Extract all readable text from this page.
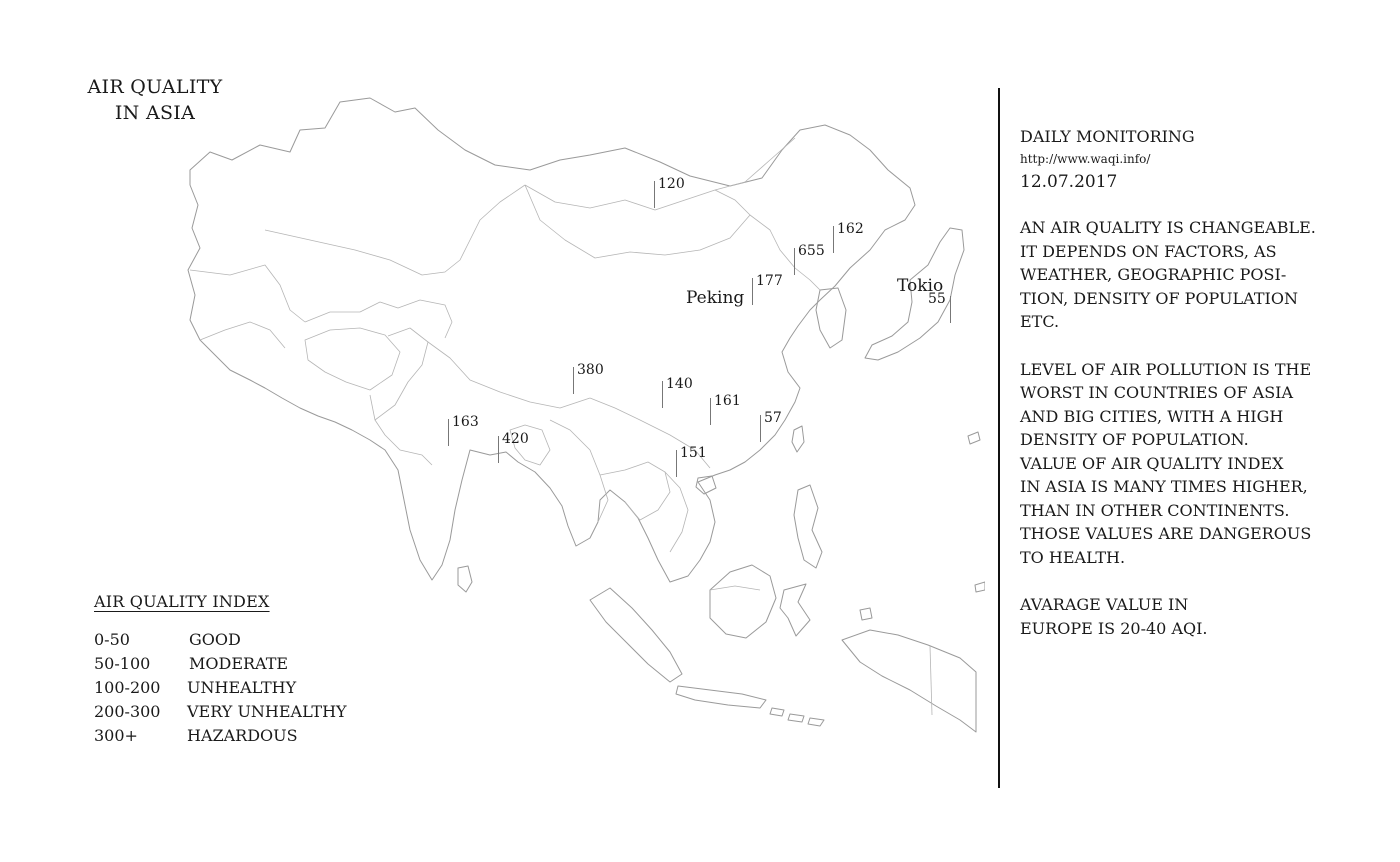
AIR QUALITY
IN ASIA
120
162
655
177
Peking
Tokio
55
380
140
161
57
163
420
151
AIR QUALITY INDEX
0-50	GOOD
50-100 MODERATE
100-200 UNHEALTHY
200-300 VERY UNHEALTHY
300+	HAZARDOUS
DAILY MONITORING
http://www.waqi.info/
12.07.2017

AN AIR QUALITY IS CHANGEABLE.
IT DEPENDS ON FACTORS, AS
WEATHER, GEOGRAPHIC POSI-
TION, DENSITY OF POPULATION
ETC.

LEVEL OF AIR POLLUTION IS THE
WORST IN COUNTRIES OF ASIA
AND BIG CITIES, WITH A HIGH
DENSITY OF POPULATION.
VALUE OF AIR QUALITY INDEX
IN ASIA IS MANY TIMES HIGHER,
THAN IN OTHER CONTINENTS.
THOSE VALUES ARE DANGEROUS
TO HEALTH.

AVARAGE VALUE IN
EUROPE IS 20-40 AQI.
